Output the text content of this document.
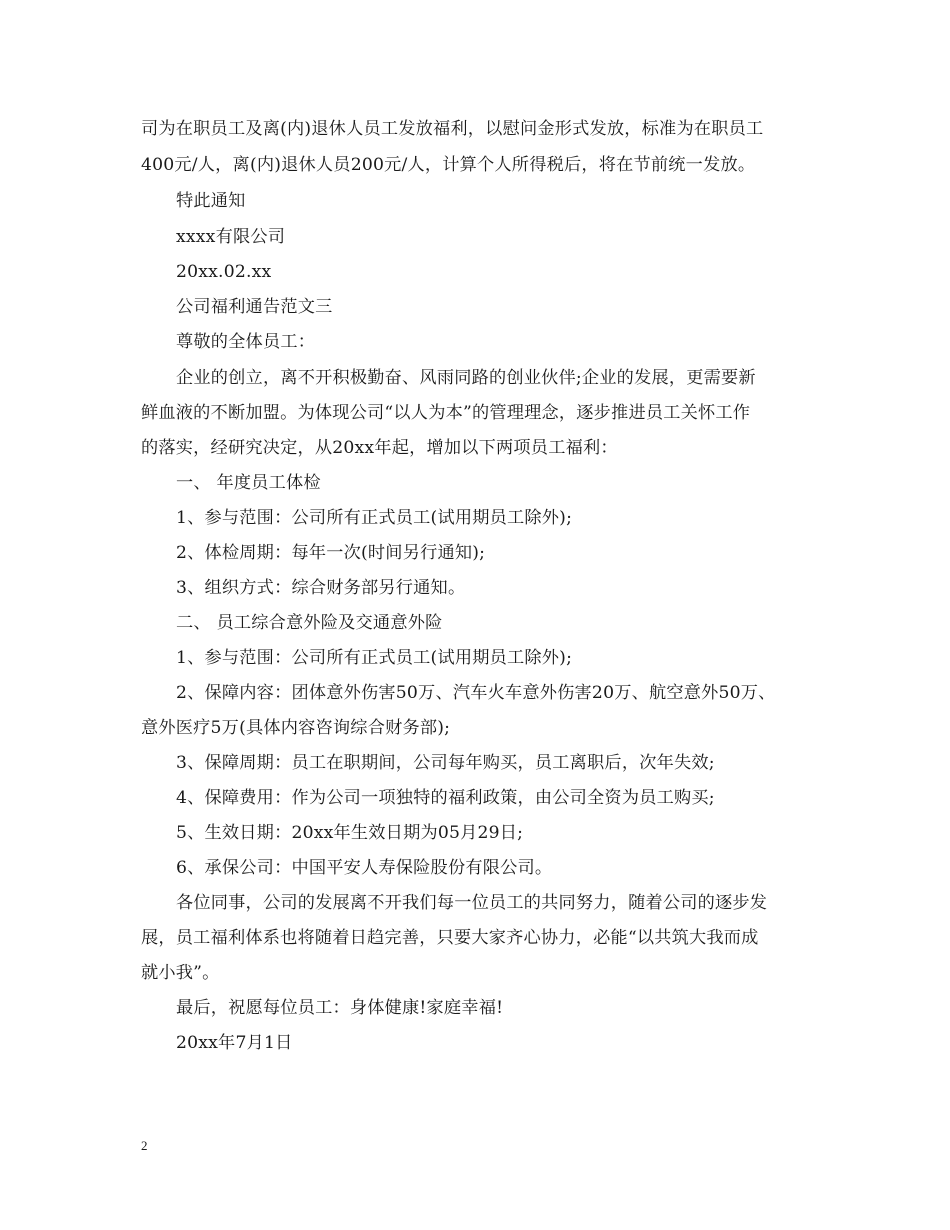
司为在职员工及离(内)退休人员工发放福利，以慰问金形式发放，标准为在职员工
400元/人，离(内)退休人员200元/人，计算个人所得税后，将在节前统一发放。
特此通知
xxxx有限公司
20xx.02.xx
公司福利通告范文三
尊敬的全体员工：
企业的创立，离不开积极勤奋、风雨同路的创业伙伴;企业的发展，更需要新
鲜血液的不断加盟。为体现公司“以人为本”的管理理念，逐步推进员工关怀工作
的落实，经研究决定，从20xx年起，增加以下两项员工福利：
一、 年度员工体检
1、参与范围：公司所有正式员工(试用期员工除外);
2、体检周期：每年一次(时间另行通知);
3、组织方式：综合财务部另行通知。
二、 员工综合意外险及交通意外险
1、参与范围：公司所有正式员工(试用期员工除外);
2、保障内容：团体意外伤害50万、汽车火车意外伤害20万、航空意外50万、
意外医疗5万(具体内容咨询综合财务部);
3、保障周期：员工在职期间，公司每年购买，员工离职后，次年失效;
4、保障费用：作为公司一项独特的福利政策，由公司全资为员工购买;
5、生效日期：20xx年生效日期为05月29日;
6、承保公司：中国平安人寿保险股份有限公司。
各位同事，公司的发展离不开我们每一位员工的共同努力，随着公司的逐步发
展，员工福利体系也将随着日趋完善，只要大家齐心协力，必能“以共筑大我而成
就小我”。
最后，祝愿每位员工：身体健康!家庭幸福!
20xx年7月1日
2
